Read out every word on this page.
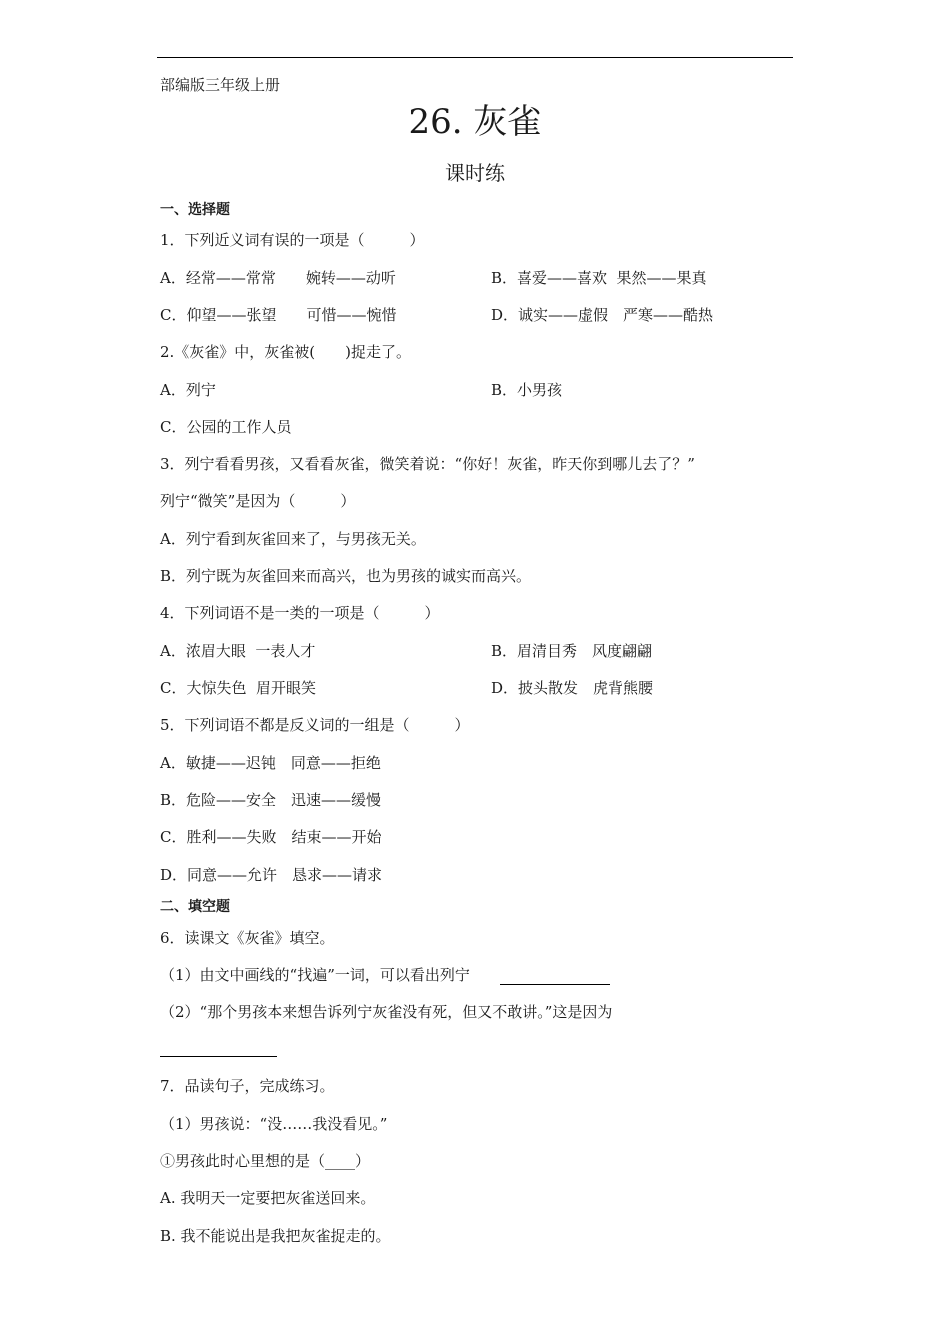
部编版三年级上册
26. 灰雀
课时练
一、选择题
1．下列近义词有误的一项是（　　　）
A．经常——常常　　婉转——动听	B．喜爱——喜欢  果然——果真
C．仰望——张望　　可惜——惋惜	D．诚实——虚假　严寒——酷热
2.《灰雀》中，灰雀被(　　)捉走了。
A．列宁	B．小男孩
C．公园的工作人员
3．列宁看看男孩，又看看灰雀，微笑着说：“你好！灰雀，昨天你到哪儿去了？”
列宁“微笑”是因为（　　　）
A．列宁看到灰雀回来了，与男孩无关。
B．列宁既为灰雀回来而高兴，也为男孩的诚实而高兴。
4．下列词语不是一类的一项是（　　　）
A．浓眉大眼  一表人才	B．眉清目秀　风度翩翩
C．大惊失色  眉开眼笑	D．披头散发　虎背熊腰
5．下列词语不都是反义词的一组是（　　　）
A．敏捷——迟钝　同意——拒绝
B．危险——安全　迅速——缓慢
C．胜利——失败　结束——开始
D．同意——允许　恳求——请求
二、填空题
6．读课文《灰雀》填空。
（1）由文中画线的“找遍”一词，可以看出列宁
（2）“那个男孩本来想告诉列宁灰雀没有死，但又不敢讲。”这是因为
7．品读句子，完成练习。
（1）男孩说：“没……我没看见。”
①男孩此时心里想的是（____）
A. 我明天一定要把灰雀送回来。
B. 我不能说出是我把灰雀捉走的。
